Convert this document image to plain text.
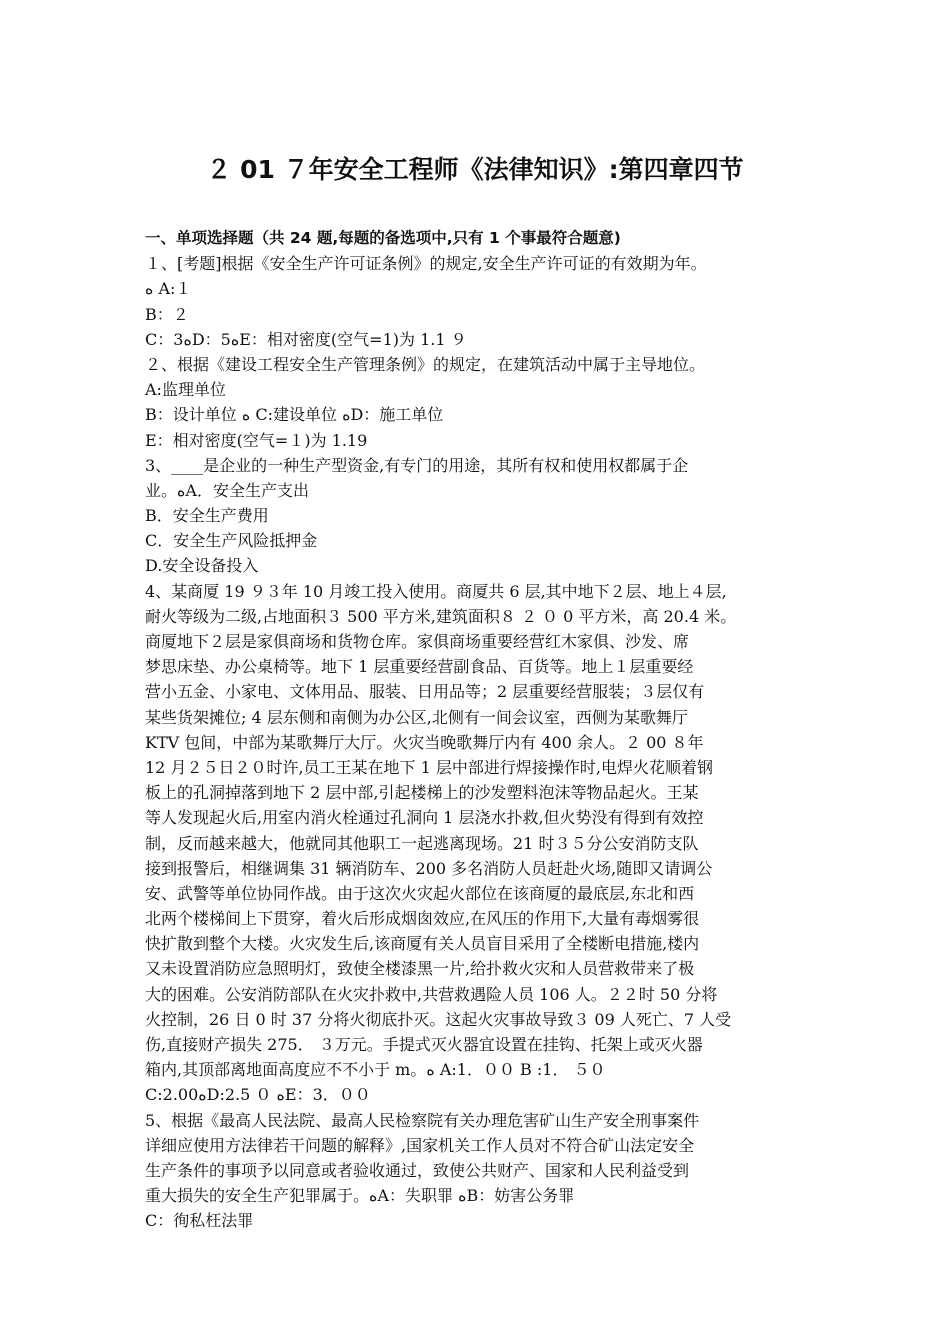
２ 01 ７年安全工程师《法律知识》:第四章四节
一、单项选择题（共 24 题,每题的备选项中,只有 1 个事最符合题意)
１、[考题]根据《安全生产许可证条例》的规定,安全生产许可证的有效期为年。
ﻩ A:１
B：２
C：3ﻩD：5ﻩE：相对密度(空气=1)为 1.1 ９
２、根据《建设工程安全生产管理条例》的规定，在建筑活动中属于主导地位。
A:监理单位
B：设计单位 ﻩ C:建设单位 ﻩD：施工单位
E：相对密度(空气=１)为 1.19
3、____是企业的一种生产型资金,有专门的用途，其所有权和使用权都属于企
业。ﻩA．安全生产支出
B．安全生产费用
C．安全生产风险抵押金
D.安全设备投入
4、某商厦 19 ９３年 10 月竣工投入使用。商厦共 6 层,其中地下２层、地上４层,
耐火等级为二级,占地面积３ 500 平方米,建筑面积８ ２ ０ 0 平方米，高 20.4 米。
商厦地下２层是家俱商场和货物仓库。家俱商场重要经营红木家俱、沙发、席
梦思床垫、办公桌椅等。地下 1 层重要经营副食品、百货等。地上１层重要经
营小五金、小家电、文体用品、服装、日用品等；2 层重要经营服装；３层仅有
某些货架摊位; 4 层东侧和南侧为办公区,北侧有一间会议室，西侧为某歌舞厅
KTV 包间，中部为某歌舞厅大厅。火灾当晚歌舞厅内有 400 余人。２ 00 ８年
12 月２５日２０时许,员工王某在地下 1 层中部进行焊接操作时,电焊火花顺着钢
板上的孔洞掉落到地下 2 层中部,引起楼梯上的沙发塑料泡沫等物品起火。王某
等人发现起火后,用室内消火栓通过孔洞向 1 层浇水扑救,但火势没有得到有效控
制，反而越来越大，他就同其他职工一起逃离现场。21 时３５分公安消防支队
接到报警后，相继调集 31 辆消防车、200 多名消防人员赶赴火场,随即又请调公
安、武警等单位协同作战。由于这次火灾起火部位在该商厦的最底层,东北和西
北两个楼梯间上下贯穿，着火后形成烟囱效应,在风压的作用下,大量有毒烟雾很
快扩散到整个大楼。火灾发生后,该商厦有关人员盲目采用了全楼断电措施,楼内
又未设置消防应急照明灯，致使全楼漆黑一片,给扑救火灾和人员营救带来了极
大的困难。公安消防部队在火灾扑救中,共营救遇险人员 106 人。２２时 50 分将
火控制，26 日 0 时 37 分将火彻底扑灭。这起火灾事故导致３ 09 人死亡、7 人受
伤,直接财产损失 275． ３万元。手提式灭火器宜设置在挂钩、托架上或灭火器
箱内,其顶部离地面高度应不不小于 m。ﻩ A:1．００ B :1． ５０
C:2.00ﻩD:2.5 ０ ﻩE：3．００
5、根据《最高人民法院、最高人民检察院有关办理危害矿山生产安全刑事案件
详细应使用方法律若干问题的解释》,国家机关工作人员对不符合矿山法定安全
生产条件的事项予以同意或者验收通过，致使公共财产、国家和人民利益受到
重大损失的安全生产犯罪属于。ﻩA：失职罪 ﻩB：妨害公务罪
C：徇私枉法罪
